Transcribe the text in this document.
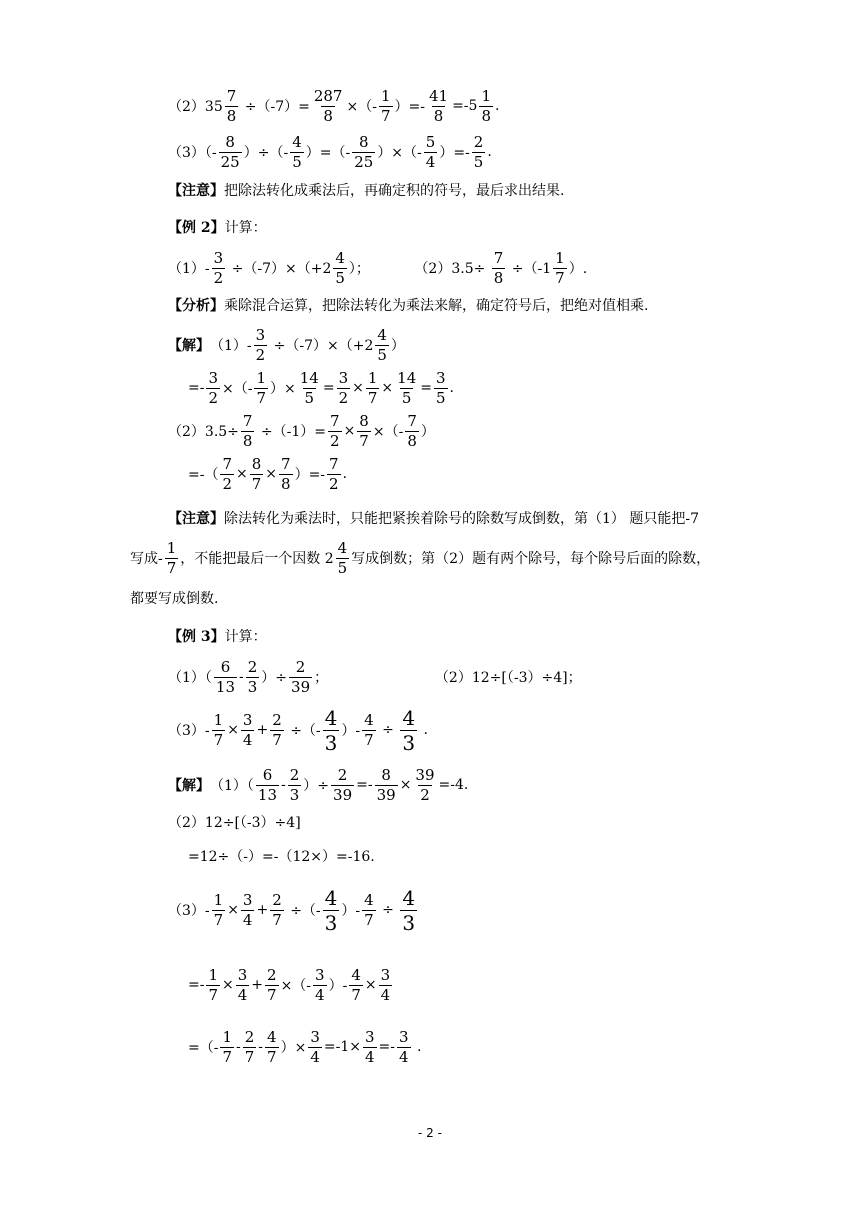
$(2)35 \frac{7}{8} \div(-7)= \frac{287}{8}$ ×（- $\frac{1}{7}$ ）=- $\frac{41}{8} =-5 \frac{1}{8}$ .
$(3)(- \frac{8}{25}$ ）÷（- $\frac{4}{5}$ ）=（- $\frac{8}{25}$ ）×（- $\frac{5}{4}$ ）=- $\frac{2}{5}$ .
【注意】 把除法转化成乘法后，再确定积的符号，最后求出结果.
【例 2】 计算：
$(1)- \frac{3}{2} \div(-7)\times(+2 \frac{4}{5}$ ）；          $(2)3.5\div \frac{7}{8} \div(-1 \frac{1}{7}$ ）.
【分析】 乘除混合运算，把除法转化为乘法来解，确定符号后，把绝对值相乘.
【解】 $(1)- \frac{3}{2} \div(-7)\times(+2 \frac{4}{5}$ ）
=- $\frac{3}{2}$ ×（- $\frac{1}{7}$ ）× $\frac{14}{5} = \frac{3}{2} \times \frac{1}{7} \times \frac{14}{5} = \frac{3}{5}$ .
$(2)3.5\div \frac{7}{8} \div(-1)= \frac{7}{2} \times \frac{8}{7}$ ×（- $\frac{7}{8}$ ）
=-（ $\frac{7}{2} \times \frac{8}{7} \times \frac{7}{8}$ ）=- $\frac{7}{2}$ .
【注意】 除法转化为乘法时，只能把紧挨着除号的除数写成倒数，第（1） 题只能把-7
写成- $\frac{1}{7}$ ，不能把最后一个因数 $2 \frac{4}{5}$ 写成倒数；第（2）题有两个除号，每个除号后面的除数，
都要写成倒数.
【例 3】 计算：
$(1)( \frac{6}{13} - \frac{2}{3}$ ）÷ $\frac{2}{39}$ ；                        （2）12÷[（-3）÷4]；
$(3)- \frac{1}{7} \times \frac{3}{4} + \frac{2}{7}$ ÷（- $\frac{4}{3}$ ）- $\frac{4}{7} \div \frac{4}{3}$ .
【解】 $(1)( \frac{6}{13} - \frac{2}{3}$ ）÷ $\frac{2}{39} =- \frac{8}{39} \times \frac{39}{2} =-4$.
（2）12÷[（-3）÷4]
=12÷（-）=-（12×）=-16.
$(3)- \frac{1}{7} \times \frac{3}{4} + \frac{2}{7}$ ÷（- $\frac{4}{3}$ ）- $\frac{4}{7} \div \frac{4}{3}$
=- $\frac{1}{7} \times \frac{3}{4} + \frac{2}{7}$ ×（- $\frac{3}{4}$ ）- $\frac{4}{7} \times \frac{3}{4}$
=（- $\frac{1}{7} - \frac{2}{7} - \frac{4}{7}$ ）× $\frac{3}{4} =-1\times \frac{3}{4} =- \frac{3}{4}$ .
- 2 -
